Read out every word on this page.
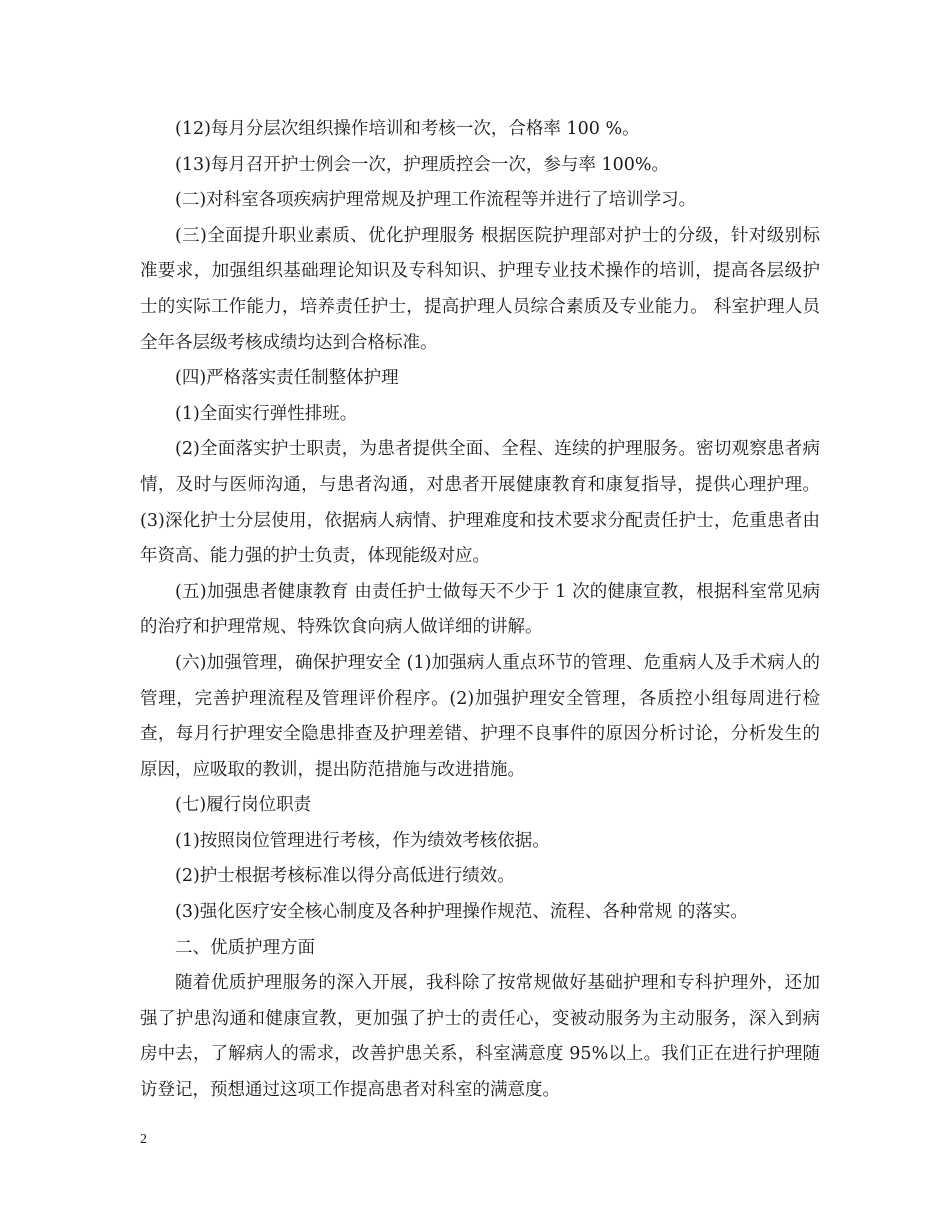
(12)每月分层次组织操作培训和考核一次，合格率 100 %。

(13)每月召开护士例会一次，护理质控会一次，参与率 100%。

(二)对科室各项疾病护理常规及护理工作流程等并进行了培训学习。

(三)全面提升职业素质、优化护理服务 根据医院护理部对护士的分级，针对级别标准要求，加强组织基础理论知识及专科知识、护理专业技术操作的培训，提高各层级护士的实际工作能力，培养责任护士，提高护理人员综合素质及专业能力。 科室护理人员全年各层级考核成绩均达到合格标准。

(四)严格落实责任制整体护理

(1)全面实行弹性排班。

(2)全面落实护士职责，为患者提供全面、全程、连续的护理服务。密切观察患者病情，及时与医师沟通，与患者沟通，对患者开展健康教育和康复指导，提供心理护理。(3)深化护士分层使用，依据病人病情、护理难度和技术要求分配责任护士，危重患者由年资高、能力强的护士负责，体现能级对应。

(五)加强患者健康教育 由责任护士做每天不少于 1 次的健康宣教，根据科室常见病的治疗和护理常规、特殊饮食向病人做详细的讲解。

(六)加强管理，确保护理安全 (1)加强病人重点环节的管理、危重病人及手术病人的管理，完善护理流程及管理评价程序。(2)加强护理安全管理，各质控小组每周进行检查，每月行护理安全隐患排查及护理差错、护理不良事件的原因分析讨论，分析发生的原因，应吸取的教训，提出防范措施与改进措施。

(七)履行岗位职责

(1)按照岗位管理进行考核，作为绩效考核依据。

(2)护士根据考核标准以得分高低进行绩效。

(3)强化医疗安全核心制度及各种护理操作规范、流程、各种常规 的落实。

二、优质护理方面

随着优质护理服务的深入开展，我科除了按常规做好基础护理和专科护理外，还加强了护患沟通和健康宣教，更加强了护士的责任心，变被动服务为主动服务，深入到病房中去，了解病人的需求，改善护患关系，科室满意度 95%以上。我们正在进行护理随访登记，预想通过这项工作提高患者对科室的满意度。

2
